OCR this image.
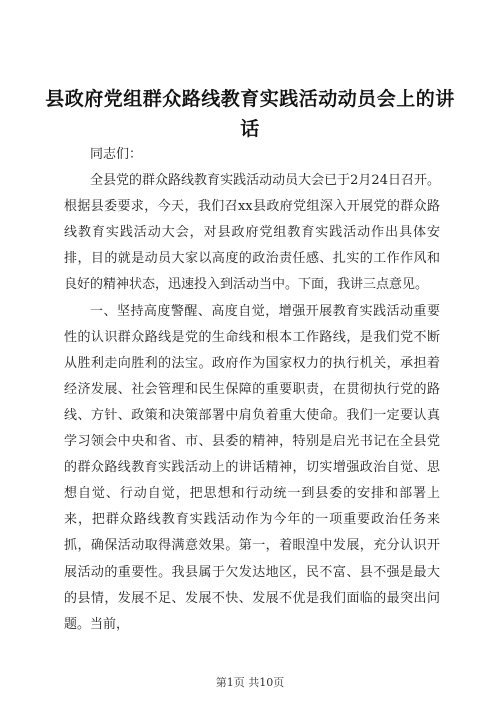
县政府党组群众路线教育实践活动动员会上的讲话

同志们：

全县党的群众路线教育实践活动动员大会已于2月24日召开。根据县委要求，今天，我们召xx县政府党组深入开展党的群众路线教育实践活动大会，对县政府党组教育实践活动作出具体安排，目的就是动员大家以高度的政治责任感、扎实的工作作风和良好的精神状态，迅速投入到活动当中。下面，我讲三点意见。

一、坚持高度警醒、高度自觉，增强开展教育实践活动重要性的认识群众路线是党的生命线和根本工作路线，是我们党不断从胜利走向胜利的法宝。政府作为国家权力的执行机关，承担着经济发展、社会管理和民生保障的重要职责，在贯彻执行党的路线、方针、政策和决策部署中肩负着重大使命。我们一定要认真学习领会中央和省、市、县委的精神，特别是启光书记在全县党的群众路线教育实践活动上的讲话精神，切实增强政治自觉、思想自觉、行动自觉，把思想和行动统一到县委的安排和部署上来，把群众路线教育实践活动作为今年的一项重要政治任务来抓，确保活动取得满意效果。第一，着眼湟中发展，充分认识开展活动的重要性。我县属于欠发达地区，民不富、县不强是最大的县情，发展不足、发展不快、发展不优是我们面临的最突出问题。当前，

第1页 共10页
